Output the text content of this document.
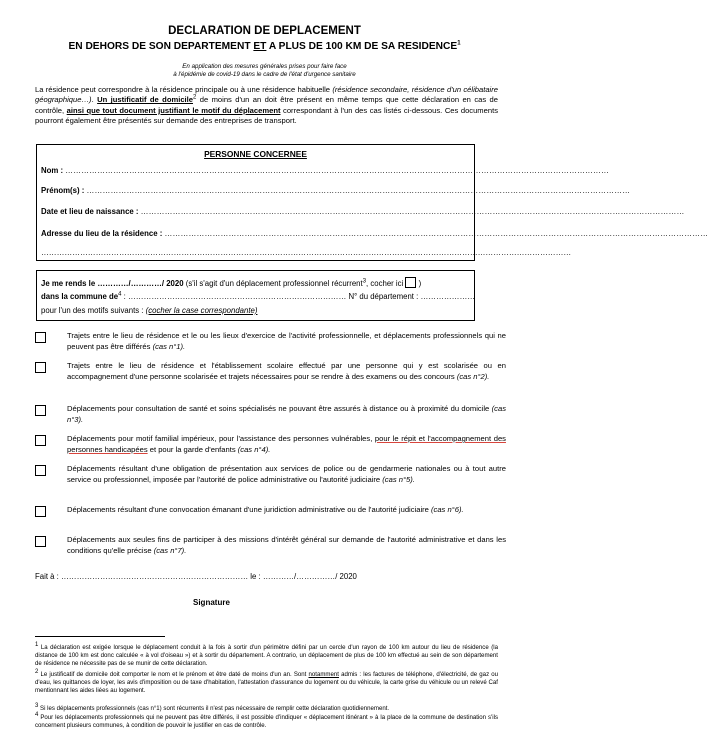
DECLARATION DE DEPLACEMENT
EN DEHORS DE SON DEPARTEMENT ET A PLUS DE 100 KM DE SA RESIDENCE$^1$
En application des mesures générales prises pour faire face
à l'épidémie de covid-19 dans le cadre de l'état d'urgence sanitaire
La résidence peut correspondre à la résidence principale ou à une résidence habituelle (résidence secondaire, résidence d'un célibataire géographique…). Un justificatif de domicile$^2$ de moins d'un an doit être présent en même temps que cette déclaration en cas de contrôle, ainsi que tout document justifiant le motif du déplacement correspondant à l'un des cas listés ci-dessous. Ces documents pourront également être présentés sur demande des entreprises de transport.
PERSONNE CONCERNEE
Nom : ……………………………………………………………………………………………………………………………………………………………………………………
Prénom(s) : ……………………………………………………………………………………………………………………………………………………………………………………
Date et lieu de naissance : ……………………………………………………………………………………………………………………………………………………………………………………
Adresse du lieu de la résidence : ……………………………………………………………………………………………………………………………………………………………………………………
……………………………………………………………………………………………………………………………………………………………………………………
Je me rends le …………/…………/ 2020 (s'il s'agit d'un déplacement professionnel récurrent$^3$, cocher ici  )
dans la commune $de^4$ : ………………………………………………………………………… N° du département : …………………
pour l'un des motifs suivants : (cocher la case correspondante)
Trajets entre le lieu de résidence et le ou les lieux d'exercice de l'activité professionnelle, et déplacements professionnels qui ne peuvent pas être différés (cas n°1).
Trajets entre le lieu de résidence et l'établissement scolaire effectué par une personne qui y est scolarisée ou en accompagnement d'une personne scolarisée et trajets nécessaires pour se rendre à des examens ou des concours (cas n°2).
Déplacements pour consultation de santé et soins spécialisés ne pouvant être assurés à distance ou à proximité du domicile (cas n°3).
Déplacements pour motif familial impérieux, pour l'assistance des personnes vulnérables, pour le répit et l'accompagnement des personnes handicapées et pour la garde d'enfants (cas n°4).
Déplacements résultant d'une obligation de présentation aux services de police ou de gendarmerie nationales ou à tout autre service ou professionnel, imposée par l'autorité de police administrative ou l'autorité judiciaire (cas n°5).
Déplacements résultant d'une convocation émanant d'une juridiction administrative ou de l'autorité judiciaire (cas n°6).
Déplacements aux seules fins de participer à des missions d'intérêt général sur demande de l'autorité administrative et dans les conditions qu'elle précise (cas n°7).
Fait à : ……………………………………………………………… le : …………/……………/ 2020
Signature
$^1$ La déclaration est exigée lorsque le déplacement conduit à la fois à sortir d'un périmètre défini par un cercle d'un rayon de 100 km autour du lieu de résidence (la distance de 100 km est donc calculée « à vol d'oiseau ») et à sortir du département. A contrario, un déplacement de plus de 100 km effectué au sein de son département de résidence ne nécessite pas de se munir de cette déclaration.
$^2$ Le justificatif de domicile doit comporter le nom et le prénom et être daté de moins d'un an. Sont notamment admis : les factures de téléphone, d'électricité, de gaz ou d'eau, les quittances de loyer, les avis d'imposition ou de taxe d'habitation, l'attestation d'assurance du logement ou du véhicule, la carte grise du véhicule ou un relevé Caf mentionnant les aides liées au logement.
$^3$ Si les déplacements professionnels (cas n°1) sont récurrents il n'est pas nécessaire de remplir cette déclaration quotidiennement.
$^4$ Pour les déplacements professionnels qui ne peuvent pas être différés, il est possible d'indiquer « déplacement itinérant » à la place de la commune de destination s'ils concernent plusieurs communes, à condition de pouvoir le justifier en cas de contrôle.
